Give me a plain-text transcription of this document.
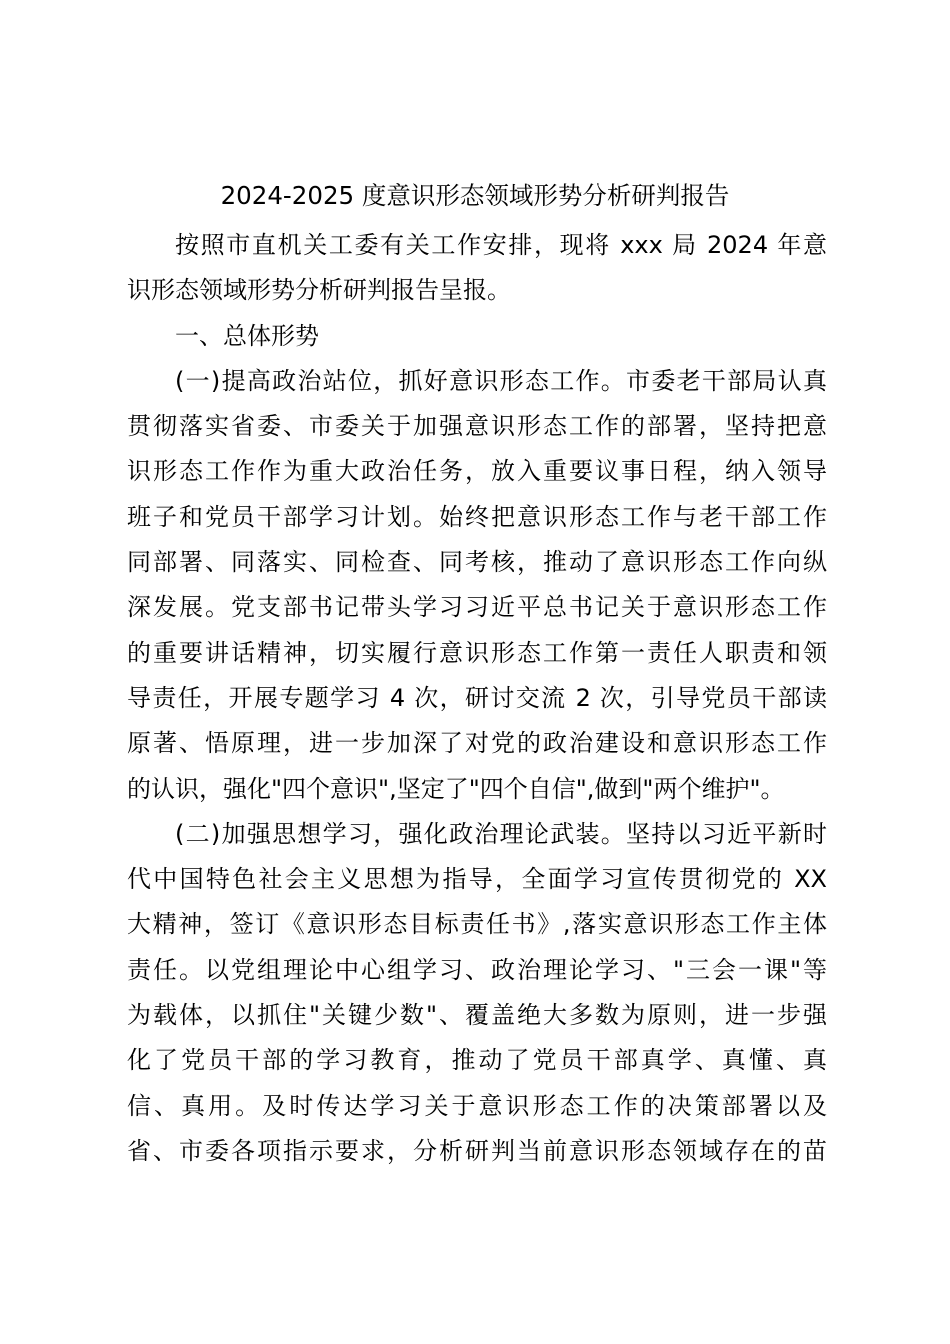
2024-2025 度意识形态领域形势分析研判报告
按照市直机关工委有关工作安排，现将 xxx 局 2024 年意
识形态领域形势分析研判报告呈报。
一、总体形势
(一)提高政治站位，抓好意识形态工作。市委老干部局认真
贯彻落实省委、市委关于加强意识形态工作的部署，坚持把意
识形态工作作为重大政治任务，放入重要议事日程，纳入领导
班子和党员干部学习计划。始终把意识形态工作与老干部工作
同部署、同落实、同检查、同考核，推动了意识形态工作向纵
深发展。党支部书记带头学习习近平总书记关于意识形态工作
的重要讲话精神，切实履行意识形态工作第一责任人职责和领
导责任，开展专题学习 4 次，研讨交流 2 次，引导党员干部读
原著、悟原理，进一步加深了对党的政治建设和意识形态工作
的认识，强化"四个意识",坚定了"四个自信",做到"两个维护"。
(二)加强思想学习，强化政治理论武装。坚持以习近平新时
代中国特色社会主义思想为指导，全面学习宣传贯彻党的 XX
大精神，签订《意识形态目标责任书》,落实意识形态工作主体
责任。以党组理论中心组学习、政治理论学习、"三会一课"等
为载体，以抓住"关键少数"、覆盖绝大多数为原则，进一步强
化了党员干部的学习教育，推动了党员干部真学、真懂、真
信、真用。及时传达学习关于意识形态工作的决策部署以及
省、市委各项指示要求，分析研判当前意识形态领域存在的苗
